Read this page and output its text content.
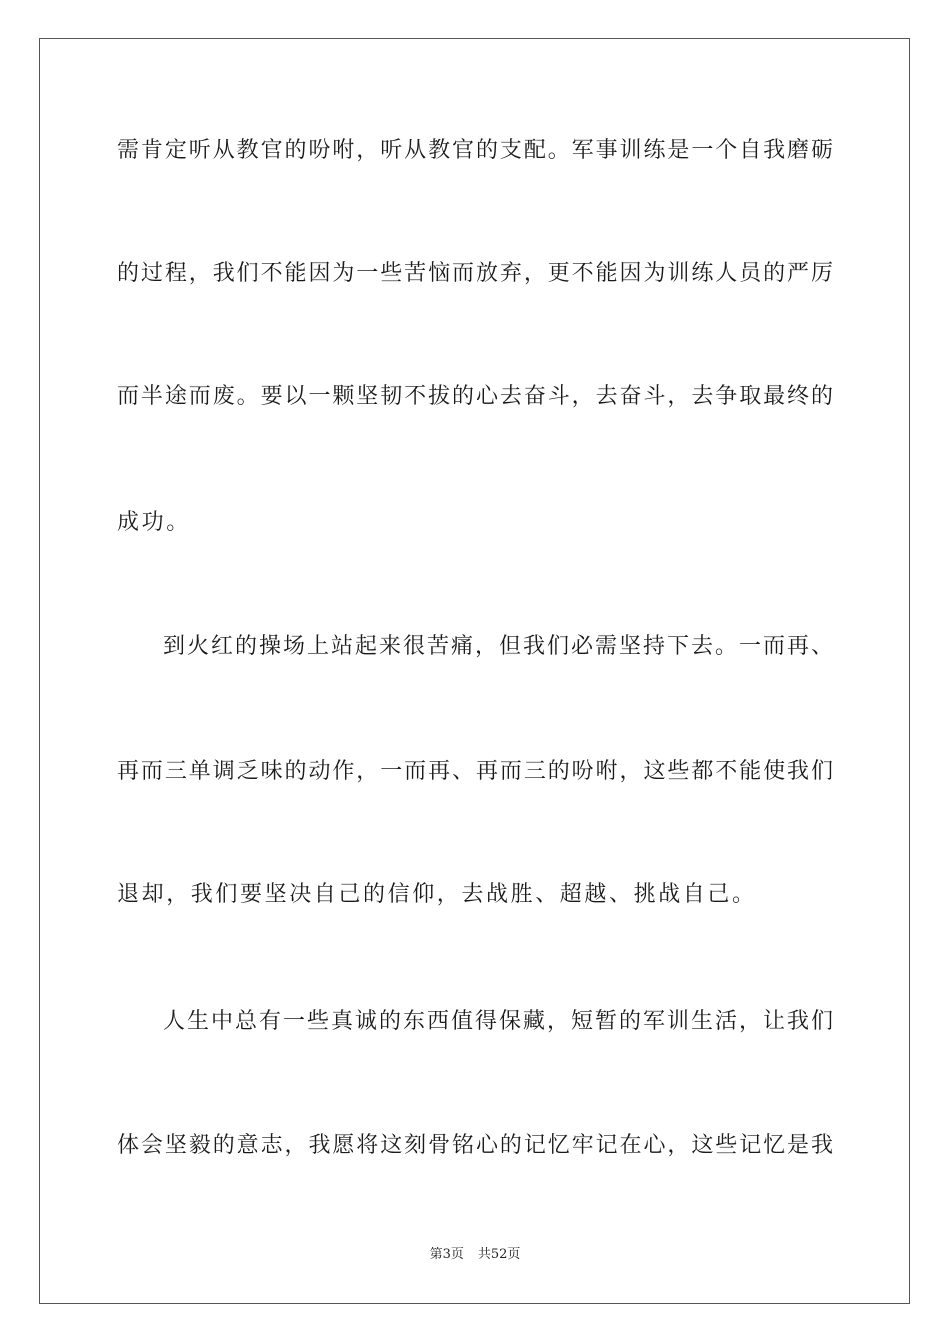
需肯定听从教官的吩咐，听从教官的支配。军事训练是一个自我磨砺
的过程，我们不能因为一些苦恼而放弃，更不能因为训练人员的严厉
而半途而废。要以一颗坚韧不拔的心去奋斗，去奋斗，去争取最终的
成功。
到火红的操场上站起来很苦痛，但我们必需坚持下去。一而再、
再而三单调乏味的动作，一而再、再而三的吩咐，这些都不能使我们
退却，我们要坚决自己的信仰，去战胜、超越、挑战自己。
人生中总有一些真诚的东西值得保藏，短暂的军训生活，让我们
体会坚毅的意志，我愿将这刻骨铭心的记忆牢记在心，这些记忆是我
第3页 共52页
